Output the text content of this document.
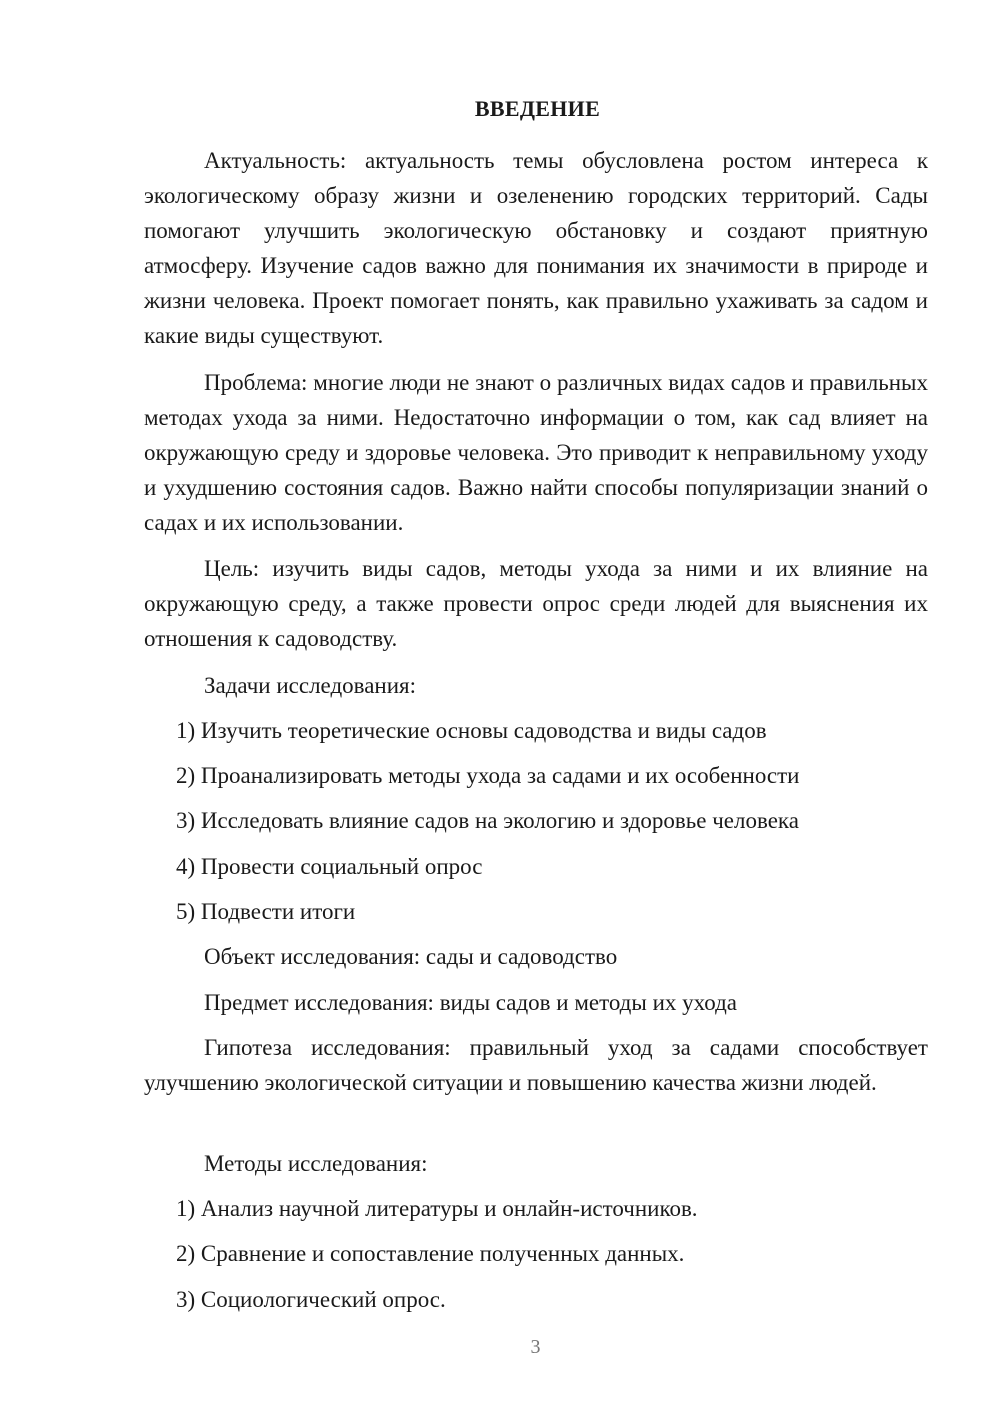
ВВЕДЕНИЕ

Актуальность: актуальность темы обусловлена ростом интереса к экологическому образу жизни и озеленению городских территорий. Сады помогают улучшить экологическую обстановку и создают приятную атмосферу. Изучение садов важно для понимания их значимости в природе и жизни человека. Проект помогает понять, как правильно ухаживать за садом и какие виды существуют.

Проблема: многие люди не знают о различных видах садов и правильных методах ухода за ними. Недостаточно информации о том, как сад влияет на окружающую среду и здоровье человека. Это приводит к неправильному уходу и ухудшению состояния садов. Важно найти способы популяризации знаний о садах и их использовании.

Цель: изучить виды садов, методы ухода за ними и их влияние на окружающую среду, а также провести опрос среди людей для выяснения их отношения к садоводству.

Задачи исследования:

1) Изучить теоретические основы садоводства и виды садов

2) Проанализировать методы ухода за садами и их особенности

3) Исследовать влияние садов на экологию и здоровье человека

4) Провести социальный опрос

5) Подвести итоги

Объект исследования: сады и садоводство

Предмет исследования: виды садов и методы их ухода

Гипотеза исследования: правильный уход за садами способствует улучшению экологической ситуации и повышению качества жизни людей.

Методы исследования:

1) Анализ научной литературы и онлайн-источников.

2) Сравнение и сопоставление полученных данных.

3) Социологический опрос.

3
